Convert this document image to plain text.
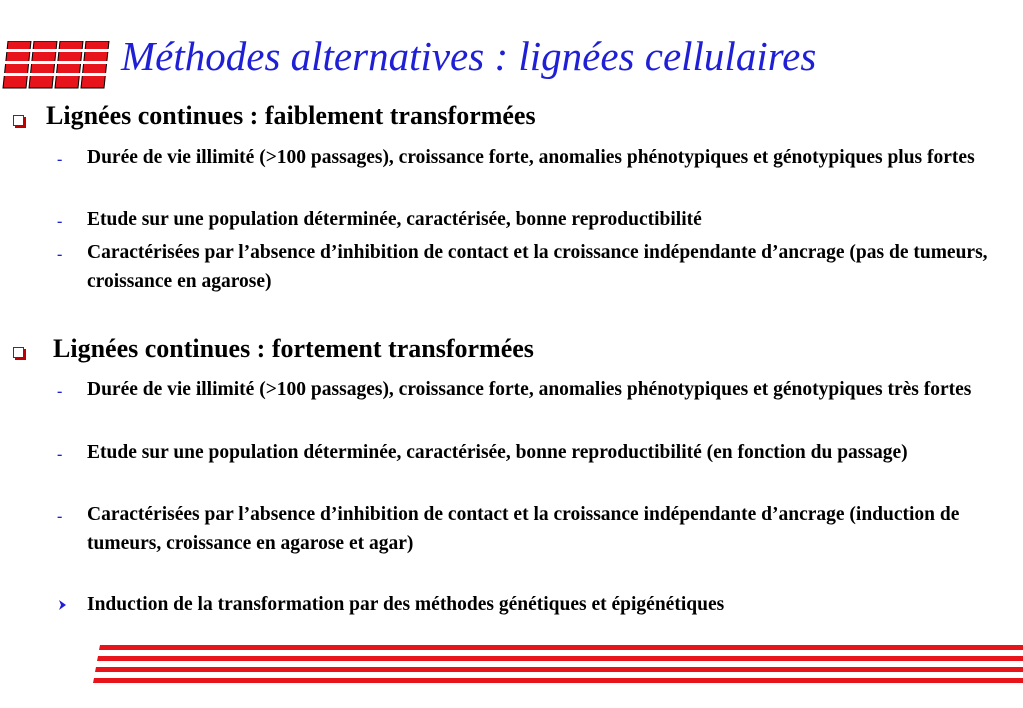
Méthodes alternatives : lignées cellulaires
Lignées continues : faiblement transformées
- Durée de vie illimité (>100 passages), croissance forte, anomalies phénotypiques et génotypiques plus fortes
- Etude sur une population déterminée, caractérisée, bonne reproductibilité
- Caractérisées par l’absence d’inhibition de contact et la croissance indépendante d’ancrage (pas de tumeurs, croissance en agarose)
Lignées continues : fortement transformées
- Durée de vie illimité (>100 passages), croissance forte, anomalies phénotypiques et génotypiques très fortes
- Etude sur une population déterminée, caractérisée, bonne reproductibilité (en fonction du passage)
- Caractérisées par l’absence d’inhibition de contact et la croissance indépendante d’ancrage (induction de tumeurs, croissance en agarose et agar)
Induction de la transformation par des méthodes génétiques et épigénétiques
